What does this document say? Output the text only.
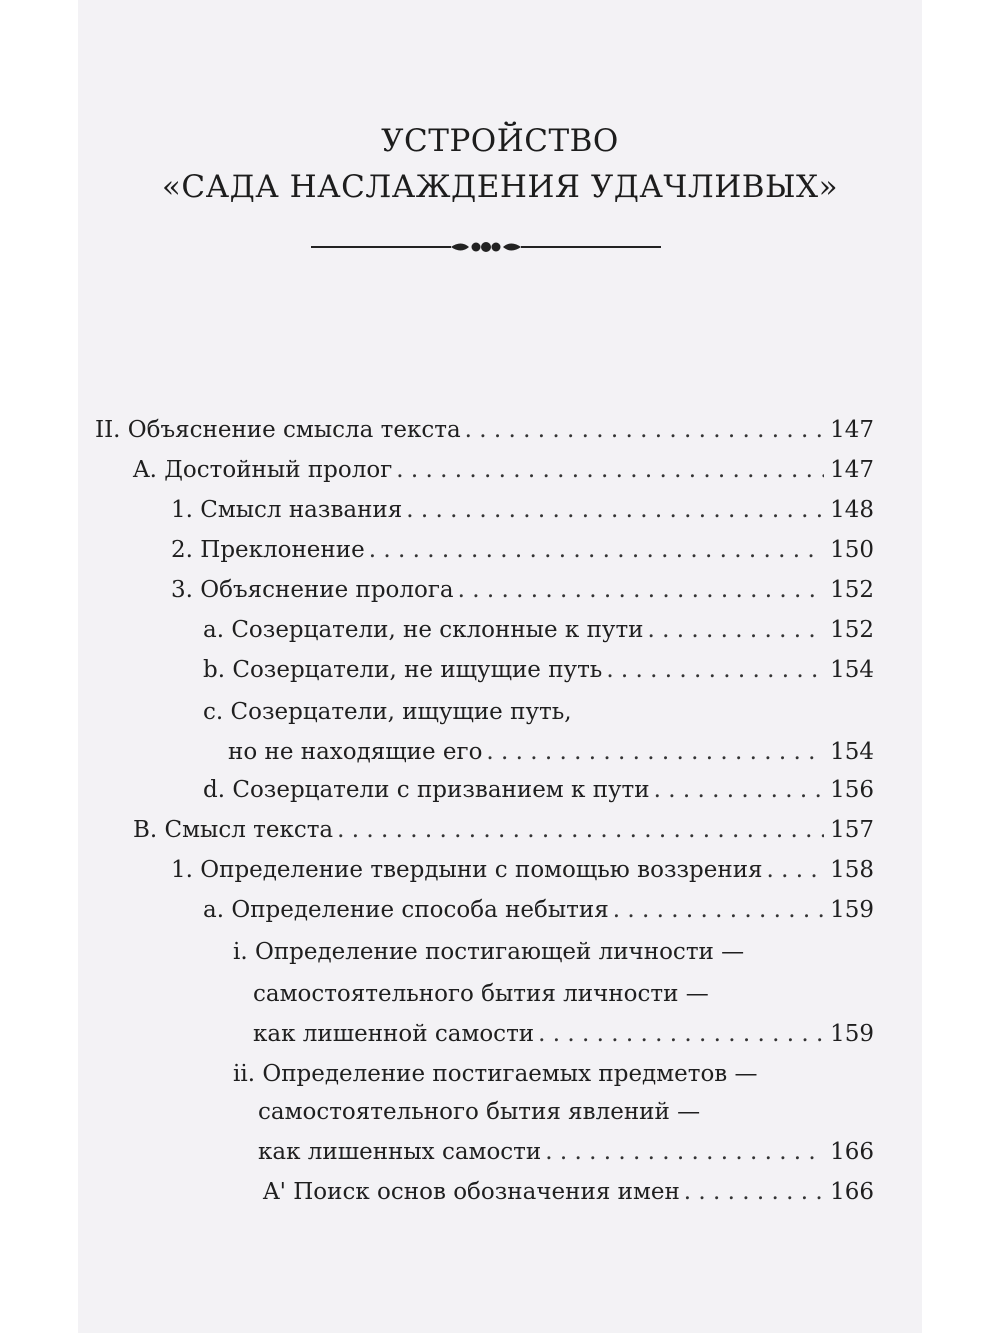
УСТРОЙСТВО
«САДА НАСЛАЖДЕНИЯ УДАЧЛИВЫХ»
II. Объяснение смысла текста . . .	147
A. Достойный пролог . . .	147
1. Смысл названия . . .	148
2. Преклонение . . .	150
3. Объяснение пролога . . .	152
a. Созерцатели, не склонные к пути . . .	152
b. Созерцатели, не ищущие путь . . .	154
c. Созерцатели, ищущие путь,
но не находящие его . . .	154
d. Созерцатели с призванием к пути . . .	156
B. Смысл текста . . .	157
1. Определение твердыни с помощью воззрения . . .	158
a. Определение способа небытия . . .	159
i. Определение постигающей личности —
самостоятельного бытия личности —
как лишенной самости . . .	159
ii. Определение постигаемых предметов —
самостоятельного бытия явлений —
как лишенных самости . . .	166
A' Поиск основ обозначения имен . . .	166
